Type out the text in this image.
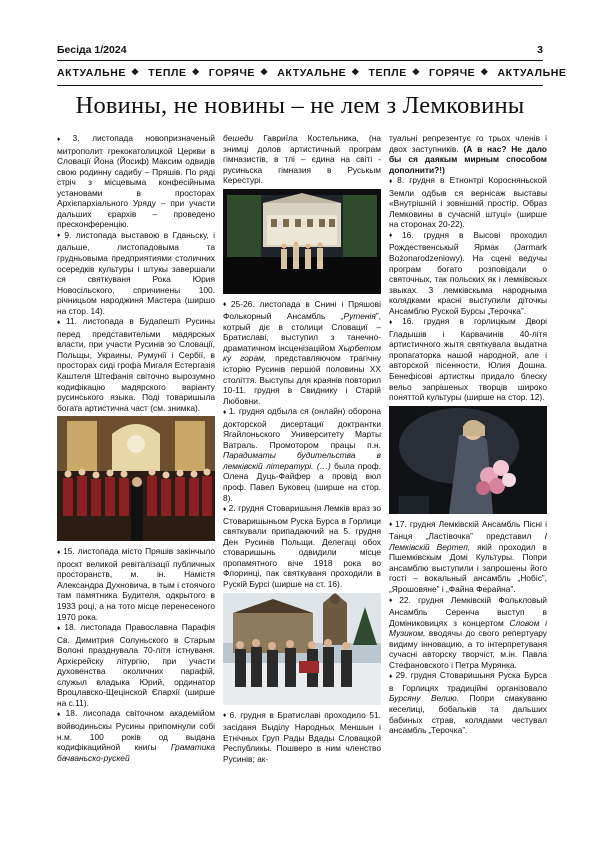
Бесіда 1/2024	3
АКТУАЛЬНЕ ❖ ТЕПЛЕ ❖ ГОРЯЧЕ ❖ АКТУАЛЬНЕ ❖ ТЕПЛЕ ❖ ГОРЯЧЕ ❖ АКТУАЛЬНЕ
Новины, не новины – не лем з Лемковины

♦ 3. листопада новопризначеный митрополит грекокатолицкой Церкви в Словації Йона (Йосиф) Максим одвидів свою родинну садибу – Пряшів. По рядi стріч з місцевыма конфесійныма установами в просторах Архієпархіального Уряду – при участи дальших єрархів – проведено пресконференцію.

♦ 9. листопада выставою в Гданьску, і дальше, листопадовыма та грудньовыма предприятиями столичних осередків культуры і штукы завершали ся святкуваня Рока Юрия Новосільского, спричинены 100. річницьом народжиня Мастера (ширшо на стор. 14).

♦ 11. листопада в Будапешті Русины перед представительми мадярскых власти, при участи Русинів зо Словації, Польщы, Украины, Румунії і Сербії, в просторах сидi грофа Мигаля Естергазія Каштеля Штефанія свiточно вырозумно кодифікацію мадярского варіанту русинського языка. Поді товаришыла богата артистична част (см. знимка).

♦ 15. листопада місто Пряшів закінчыло проскт великой ревіталізації публичных просторанств, м. ін. Наміcтя Александра Духновича, в тым і стоячого там памятника Будителя, одкрытого в 1933 році, а на тото місце перенесеного 1970 рока.

♦ 18. листопада Православна Парафія Св. Димитрия Солуньского в Старым Волоні празднувала 70-літя істнуваня. Архієрейску літургію, при участи духовенства околичних парафій, служыл владыка Юрий, ординатор Вроцлавско-Щецінской Єпархії (ширше на с.11).

♦ 18. лисопада свiточном академійом войводиньскы Русины припомнули собі н.м. 100 років од выдана кодифікацийной книгы Граматика бачваньско-рускей

бешеди Гавриїла Костельника, (на знимці долов артистичный програм гімназистів, в тлі – єдина на світі - русиньска гімназия в Руськым Керестурі.

♦ 25-26. листопада в Снині і Пряшові Фолькорный Ансамбль „Рутенія”, котрый діє в столици Словациї – Братиславі, выступил з танечно-драматичном інсценізаційом Хырбетом ку горам, представляючом трагічну історію Русинів першой половины XX століття. Выступы для краянів повторил 10-11. грудня в Свиднику і Старій Любовни.

♦ 1. грудня одбыла ся (онлайн) оборона докторской дисертациї доктрантки Ягайлоньского Университету Марты Ватраль. Промотором працы п.н. Парадиматы будительства в лемківскій літературі. (…) была проф. Олена Дуць-Файфер а провiд вюл проф. Павел Буковец (ширше на стор. 8).

♦ 2. грудня Стоваришыня Лемків враз зо Стоваришыньом Руска Бурса в Горлици святкували припадаючий на 5. грудня Ден Русинів Польщи. Делегаці обох стоваришынь одвидили місце пропамятного віче 1918 рока во Флоринці, пак святкуваня проходили в Рускій Бурсі (ширше на ст. 16).

♦ 6. грудня в Братиславі проходило 51. засіданя Выдiлу Народных Меншын і Етнічных Груп Рады Вдады Словацкой Республикы. Пошверо в ним членство Русинів; ак-

туальні репрезентує го трьох членів і двох заступників. (А в нас? Не дало бы ся даякым мирным способом дополнити?!)

♦ 8. грудня в Етнонтрі Коросняньской Земли одбыв ся вернісаж выставы «Внутрішній і зовнішній простір. Образ Лемковины в сучасній штуці» (ширше на сторонах 20-22).

♦ 16. грудня в Высові проходил Рождественськый Ярмак (Jarmark Bożonarodzeniowy). На сцені ведучы програм богато розповідали о святочных, так польских як і лемківскых звыках. З лемківскыма народныма колядками красні выступили діточкы Ансамблю Руской Бурсы „Терочка”.

♦ 16. грудня в горлицкым Дворі Гладышів і Карвачинів 40-літя артистичного жытя святкувала выдатна пропагаторка нашой народной, але і авторской пісенности, Юлия Дошна. Бенефісові артисткы придало блеску вельо запрішеных творців широко поняттой культуры (ширше на стор. 12).

♦ 17. грудня Лемківскій Ансамбль Пісні і Танця „Ластівочка” представил І Лемківскій Вертеп, якій проходил в Пшемківскым Домі Культуры. Попри ансамблю выступили і запрошены його гості – вокальный ансамбль „Нобіс”, „Ярошовяне” і „Файна Ферайна”.

♦ 22. грудня Лемківскій Фолькловый Ансамбль Серенча выступ в Доміниковицях з концертом Словом і Музиком, вводячы до свого репертуару видиму інновацию, а то інтерпретуваня сучасні авторску творчіст, м.ін. Павла Стефановского і Петра Мурянка.

♦ 29. грудня Стоваришыня Руска Бурса в Горлицях традиційні організовало Бурсяну Велию. Попри смакуваню кеселиці, бобальків та дальших бабиных страв, колядами честувал ансамбль „Терочка”.
